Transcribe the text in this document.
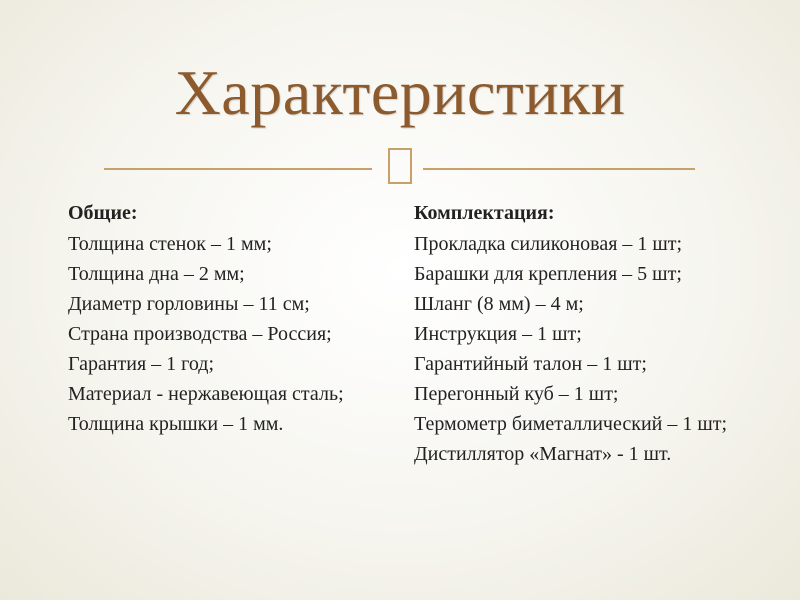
Характеристики
Общие:
Толщина стенок – 1 мм;
Толщина дна – 2 мм;
Диаметр горловины – 11 см;
Страна производства – Россия;
Гарантия – 1 год;
Материал - нержавеющая сталь;
Толщина крышки – 1 мм.
Комплектация:
Прокладка силиконовая – 1 шт;
Барашки для крепления – 5 шт;
Шланг (8 мм) – 4 м;
Инструкция – 1 шт;
Гарантийный талон – 1 шт;
Перегонный куб – 1 шт;
Термометр биметаллический – 1 шт;
Дистиллятор «Магнат» - 1 шт.
